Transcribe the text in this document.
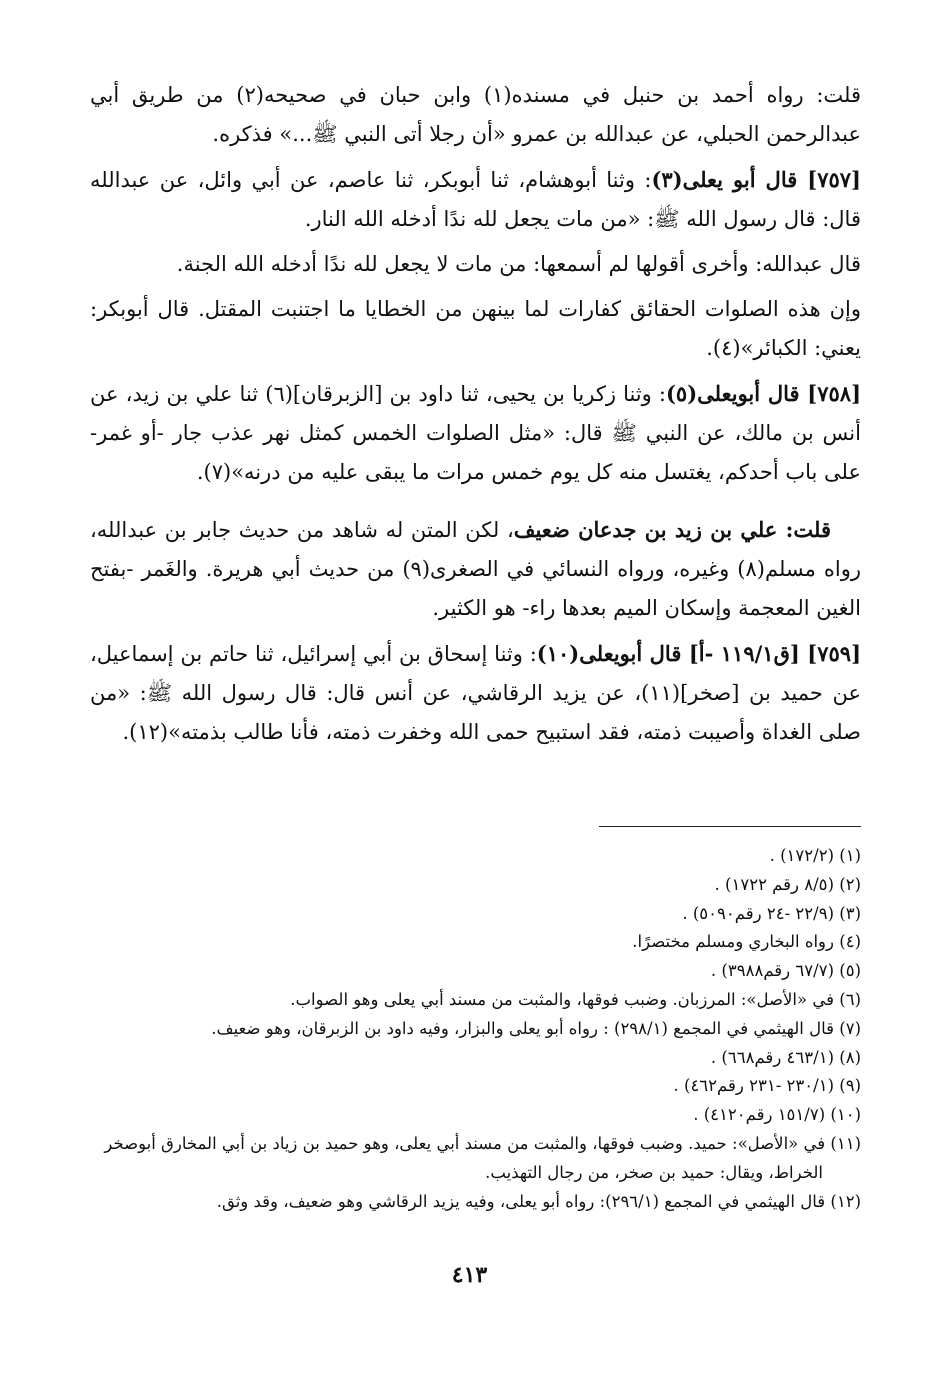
قلت: رواه أحمد بن حنبل في مسنده(١) وابن حبان في صحيحه(٢) من طريق أبي عبدالرحمن الحبلي، عن عبدالله بن عمرو «أن رجلا أتى النبي ﷺ...» فذكره.

[٧٥٧] قال أبو يعلى(٣): وثنا أبوهشام، ثنا أبوبكر، ثنا عاصم، عن أبي وائل، عن عبدالله قال: قال رسول الله ﷺ: «من مات يجعل لله ندًا أدخله الله النار.

قال عبدالله: وأخرى أقولها لم أسمعها: من مات لا يجعل لله ندًا أدخله الله الجنة.

وإن هذه الصلوات الحقائق كفارات لما بينهن من الخطايا ما اجتنبت المقتل. قال أبوبكر: يعني: الكبائر»(٤).

[٧٥٨] قال أبويعلى(٥): وثنا زكريا بن يحيى، ثنا داود بن [الزبرقان](٦) ثنا علي بن زيد، عن أنس بن مالك، عن النبي ﷺ قال: «مثل الصلوات الخمس كمثل نهر عذب جار -أو غمر- على باب أحدكم، يغتسل منه كل يوم خمس مرات ما يبقى عليه من درنه»(٧).

قلت: علي بن زيد بن جدعان ضعيف، لكن المتن له شاهد من حديث جابر بن عبدالله، رواه مسلم(٨) وغيره، ورواه النسائي في الصغرى(٩) من حديث أبي هريرة. والغَمر -بفتح الغين المعجمة وإسكان الميم بعدها راء- هو الكثير.

[٧٥٩] [ق١١٩/١ -أ] قال أبويعلى(١٠): وثنا إسحاق بن أبي إسرائيل، ثنا حاتم بن إسماعيل، عن حميد بن [صخر](١١)، عن يزيد الرقاشي، عن أنس قال: قال رسول الله ﷺ: «من صلى الغداة وأصيبت ذمته، فقد استبيح حمى الله وخفرت ذمته، فأنا طالب بذمته»(١٢).

(١) (١٧٢/٢) .

(٢) (٨/٥ رقم ١٧٢٢) .

(٣) (٢٢/٩ -٢٤ رقم٥٠٩٠) .

(٤) رواه البخاري ومسلم مختصرًا.

(٥) (٦٧/٧ رقم٣٩٨٨) .

(٦) في «الأصل»: المرزبان. وضبب فوقها، والمثبت من مسند أبي يعلى وهو الصواب.

(٧) قال الهيثمي في المجمع (٢٩٨/١) : رواه أبو يعلى والبزار، وفيه داود بن الزبرقان، وهو ضعيف.

(٨) (٤٦٣/١ رقم٦٦٨) .

(٩) (٢٣٠/١ -٢٣١ رقم٤٦٢) .

(١٠) (١٥١/٧ رقم٤١٢٠) .

(١١) في «الأصل»: حميد. وضبب فوقها، والمثبت من مسند أبي يعلى، وهو حميد بن زياد بن أبي المخارق أبوصخر الخراط، ويقال: حميد بن صخر، من رجال التهذيب.

(١٢) قال الهيثمي في المجمع (٢٩٦/١): رواه أبو يعلى، وفيه يزيد الرقاشي وهو ضعيف، وقد وثق.

٤١٣
